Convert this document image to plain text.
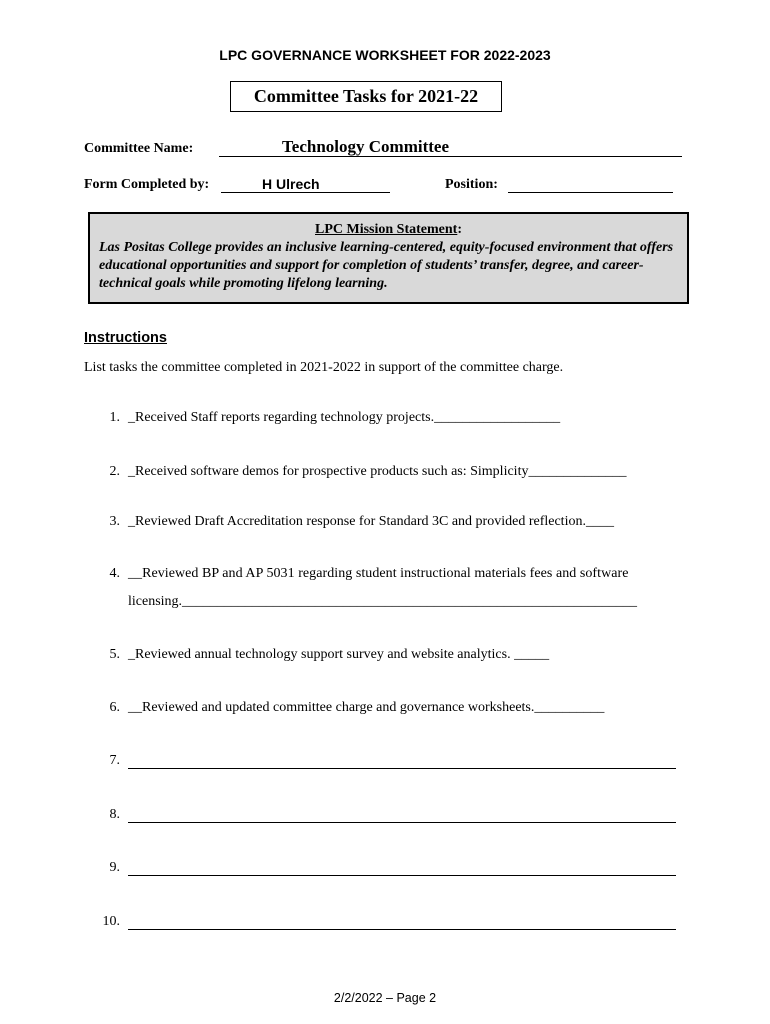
LPC GOVERNANCE WORKSHEET FOR 2022-2023
Committee Tasks for 2021-22
Committee Name:	Technology Committee
Form Completed by:	H Ulrech	Position:
LPC Mission Statement:
Las Positas College provides an inclusive learning-centered, equity-focused environment that offers educational opportunities and support for completion of students’ transfer, degree, and career-technical goals while promoting lifelong learning.
Instructions
List tasks the committee completed in 2021-2022 in support of the committee charge.
1. _Received Staff reports regarding technology projects.__________________
2. _Received software demos for prospective products such as: Simplicity______________
3. _Reviewed Draft Accreditation response for Standard 3C and provided reflection.____
4. __Reviewed BP and AP 5031 regarding student instructional materials fees and software
licensing._________________________________________________________________
5. _Reviewed annual technology support survey and website analytics. _____
6. __Reviewed and updated committee charge and governance worksheets.__________
7.
8.
9.
10.
2/2/2022 – Page 2
